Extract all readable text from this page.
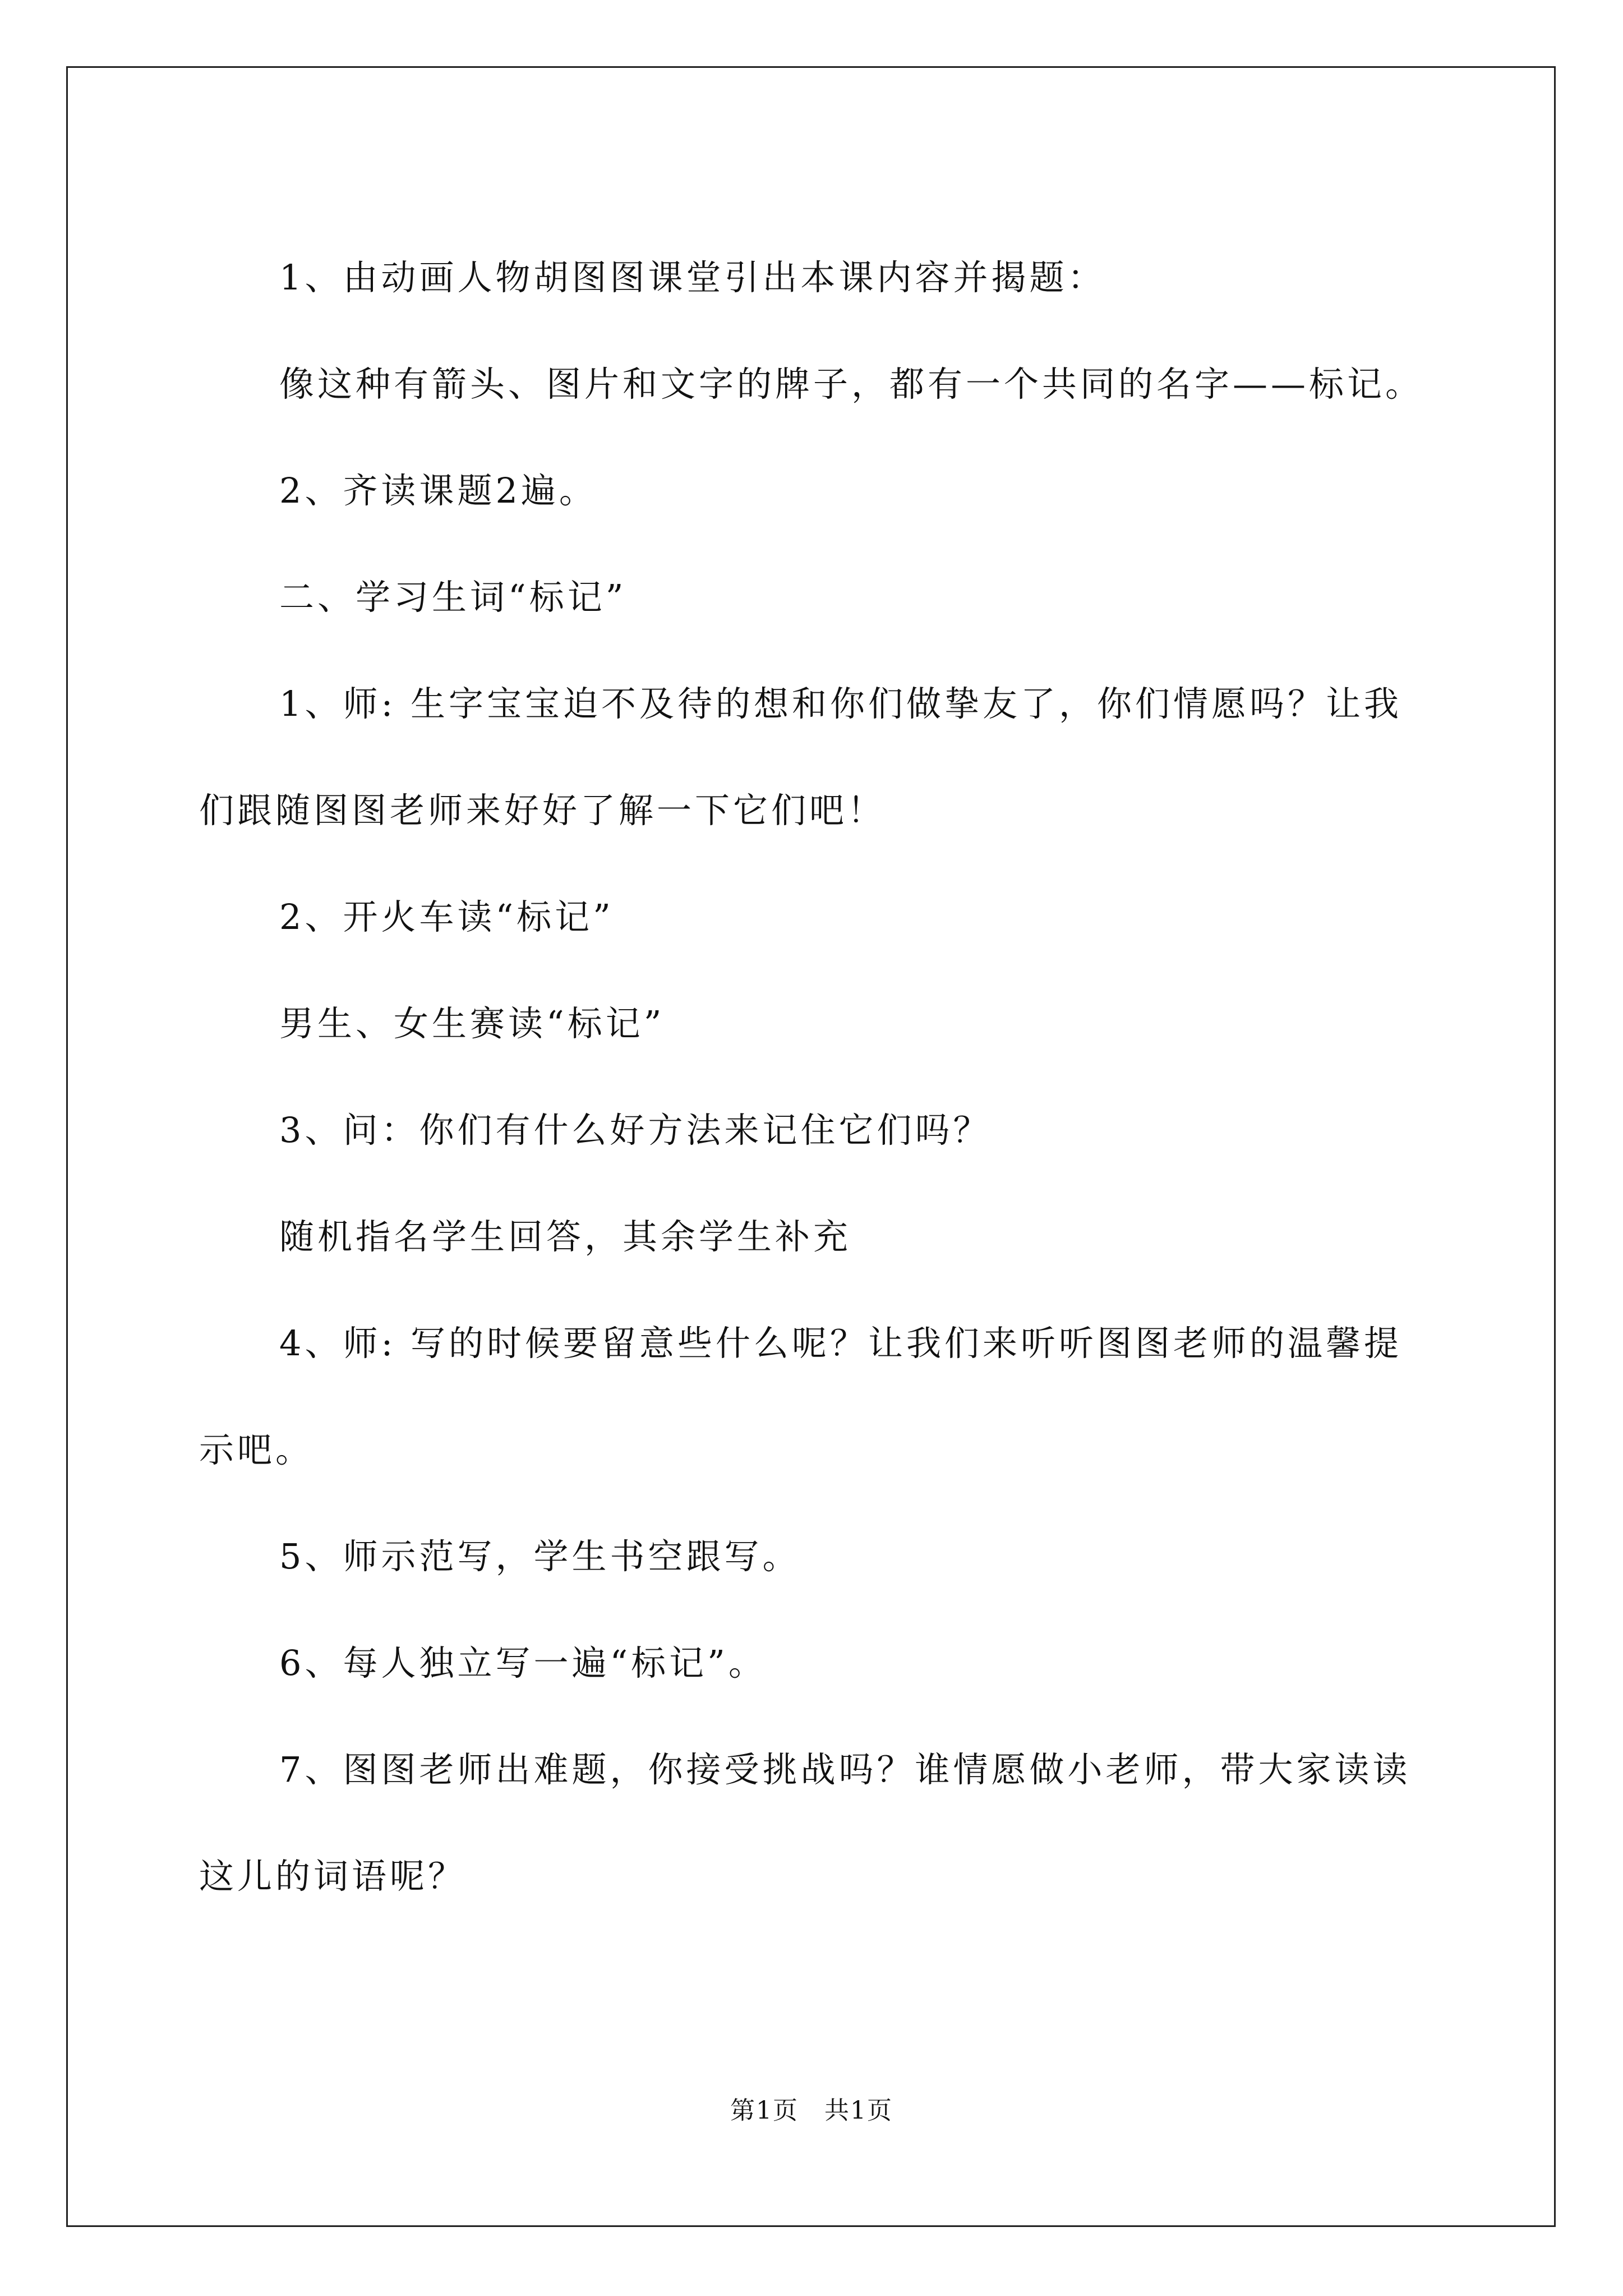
1、由动画人物胡图图课堂引出本课内容并揭题：

像这种有箭头、图片和文字的牌子，都有一个共同的名字——标记。

2、齐读课题2遍。

二、学习生词“标记”

1、师: 生字宝宝迫不及待的想和你们做挚友了，你们情愿吗？让我们跟随图图老师来好好了解一下它们吧！

2、开火车读“标记”

男生、女生赛读“标记”

3、问：你们有什么好方法来记住它们吗？

随机指名学生回答，其余学生补充

4、师: 写的时候要留意些什么呢？让我们来听听图图老师的温馨提示吧。

5、师示范写，学生书空跟写。

6、每人独立写一遍“标记”。

7、图图老师出难题，你接受挑战吗？谁情愿做小老师，带大家读读这儿的词语呢？

第1页　共1页
